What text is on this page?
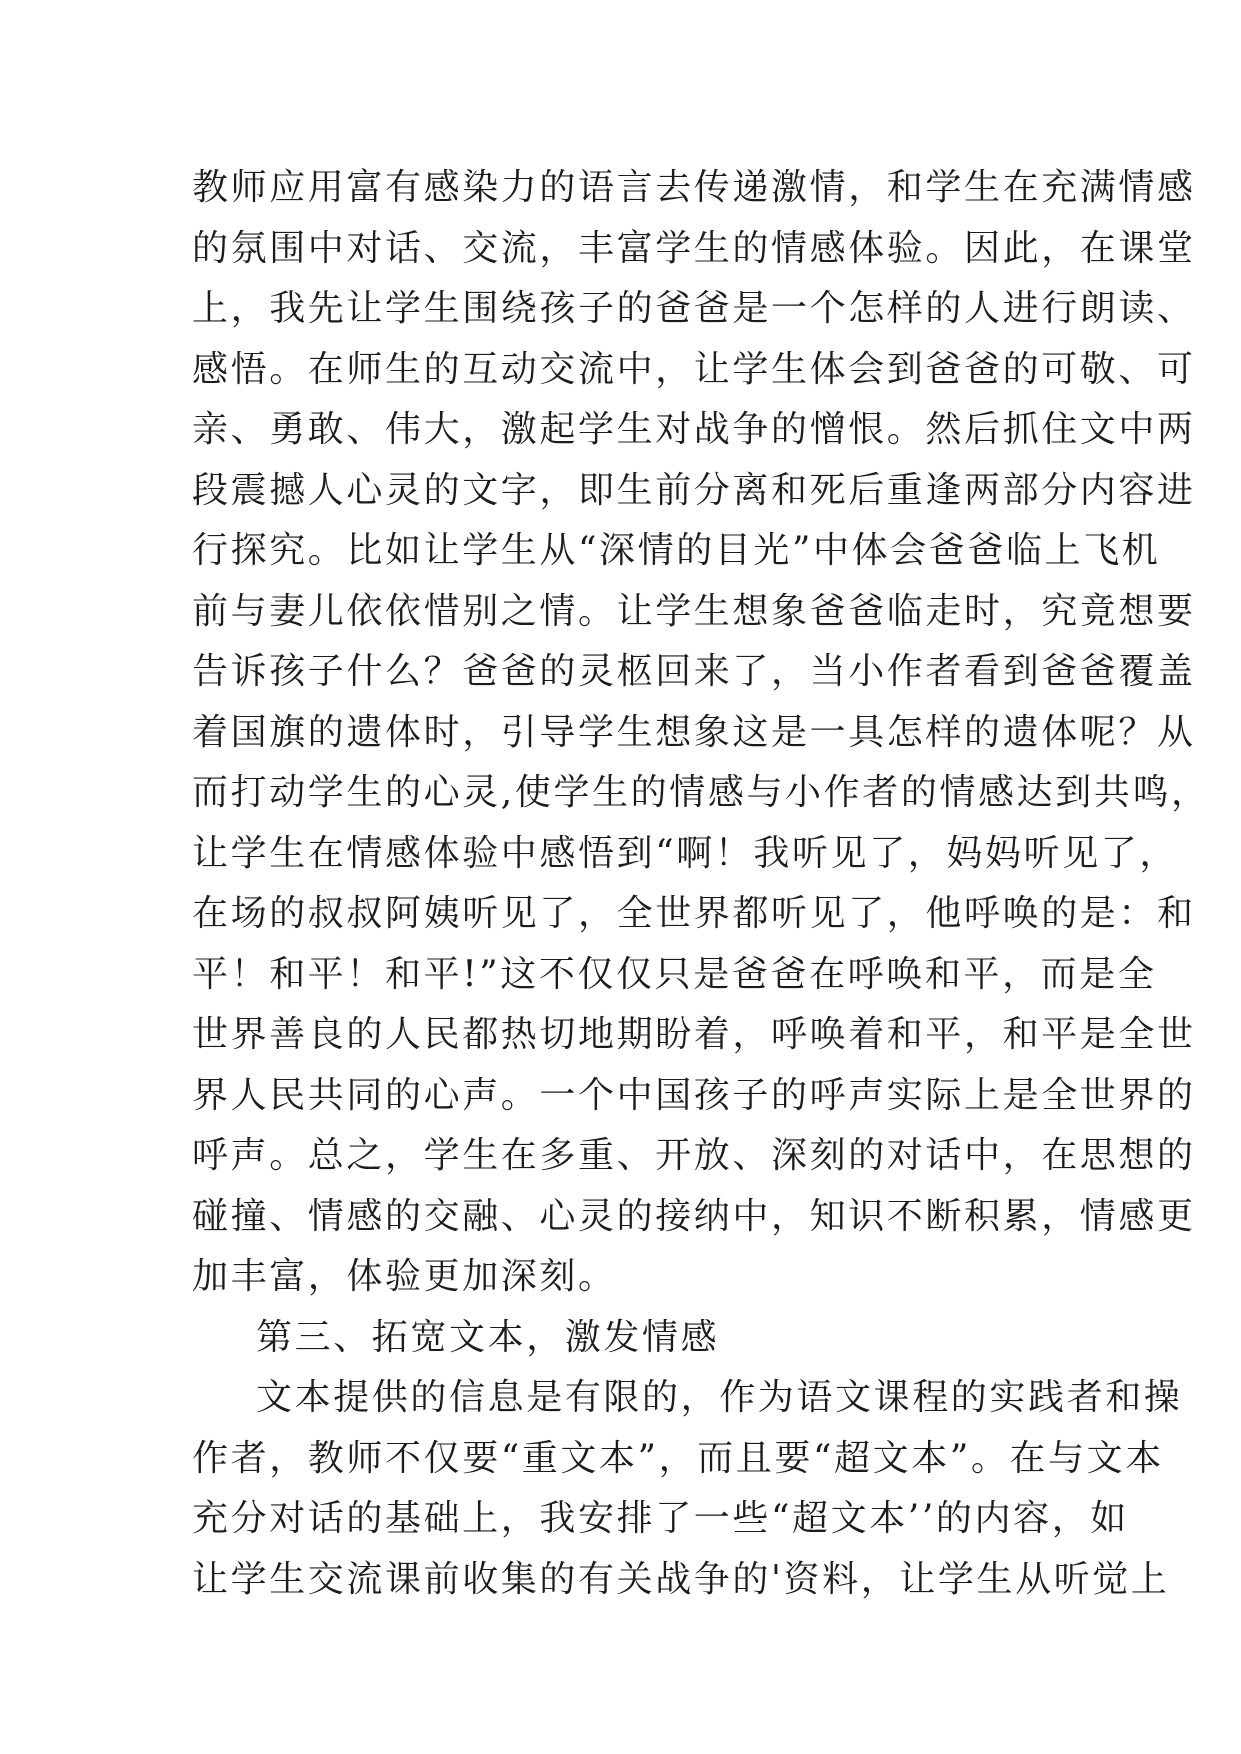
教师应用富有感染力的语言去传递激情，和学生在充满情感
的氛围中对话、交流，丰富学生的情感体验。因此，在课堂
上，我先让学生围绕孩子的爸爸是一个怎样的人进行朗读、
感悟。在师生的互动交流中，让学生体会到爸爸的可敬、可
亲、勇敢、伟大，激起学生对战争的憎恨。然后抓住文中两
段震撼人心灵的文字，即生前分离和死后重逢两部分内容进
行探究。比如让学生从“深情的目光”中体会爸爸临上飞机
前与妻儿依依惜别之情。让学生想象爸爸临走时，究竟想要
告诉孩子什么？爸爸的灵柩回来了，当小作者看到爸爸覆盖
着国旗的遗体时，引导学生想象这是一具怎样的遗体呢？从
而打动学生的心灵,使学生的情感与小作者的情感达到共鸣，
让学生在情感体验中感悟到“啊！我听见了，妈妈听见了，
在场的叔叔阿姨听见了，全世界都听见了，他呼唤的是：和
平！和平！和平!”这不仅仅只是爸爸在呼唤和平，而是全
世界善良的人民都热切地期盼着，呼唤着和平，和平是全世
界人民共同的心声。一个中国孩子的呼声实际上是全世界的
呼声。总之，学生在多重、开放、深刻的对话中，在思想的
碰撞、情感的交融、心灵的接纳中，知识不断积累，情感更
加丰富，体验更加深刻。
第三、拓宽文本，激发情感
文本提供的信息是有限的，作为语文课程的实践者和操
作者，教师不仅要“重文本”，而且要“超文本”。在与文本
充分对话的基础上，我安排了一些“超文本’’的内容，如
让学生交流课前收集的有关战争的'资料，让学生从听觉上
